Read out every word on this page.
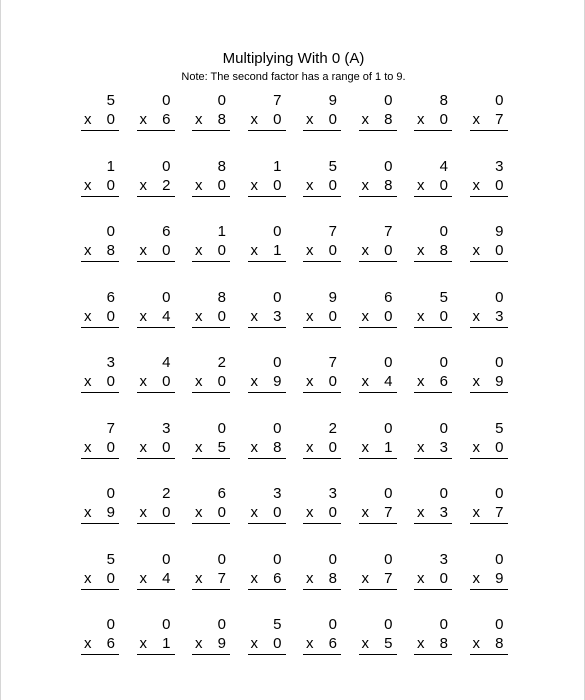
Multiplying With 0 (A)
Note: The second factor has a range of 1 to 9.
5
x 0
0
x 6
0
x 8
7
x 0
9
x 0
0
x 8
8
x 0
0
x 7
1
x 0
0
x 2
8
x 0
1
x 0
5
x 0
0
x 8
4
x 0
3
x 0
0
x 8
6
x 0
1
x 0
0
x 1
7
x 0
7
x 0
0
x 8
9
x 0
6
x 0
0
x 4
8
x 0
0
x 3
9
x 0
6
x 0
5
x 0
0
x 3
3
x 0
4
x 0
2
x 0
0
x 9
7
x 0
0
x 4
0
x 6
0
x 9
7
x 0
3
x 0
0
x 5
0
x 8
2
x 0
0
x 1
0
x 3
5
x 0
0
x 9
2
x 0
6
x 0
3
x 0
3
x 0
0
x 7
0
x 3
0
x 7
5
x 0
0
x 4
0
x 7
0
x 6
0
x 8
0
x 7
3
x 0
0
x 9
0
x 6
0
x 1
0
x 9
5
x 0
0
x 6
0
x 5
0
x 8
0
x 8
